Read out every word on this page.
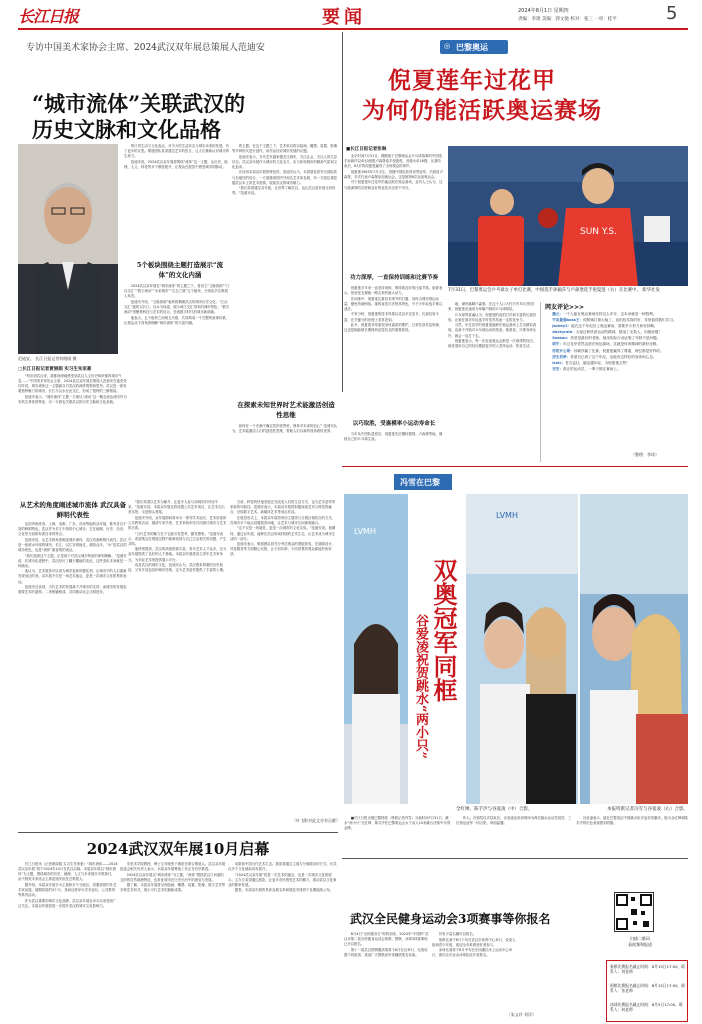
长江日报	要闻	2024年8月1日 星期四
责编：李琦 美编：郭文驰 校对：张三 一审：桂平	5
专访中国美术家协会主席、2024武汉双年展总策展人范迪安
“城市流体”关联武汉的
历史文脉和文化品格
范迪安。 长江日报记者何晓刚 摄
□长江日报记者黄丽娟 实习生朱家豪

“每次到武汉来，我都深深地感受到武汉人文历史和浓郁的城市气息……”中国美术家协会主席、2024武汉双年展总策展人范迪安在接受采访时说，城市流体这一主题源自对武汉的深度观察和思考。武汉是一座有着独特魅力的城市，长江与汉水在此交汇，形成了独特的三镇格局。

范迪安表示，“城市流体”主题一方面以“流动”这一概念表达城市作为有机生命体的特征，另一方面也关联武汉的历史文脉和文化品格。

的日常生活与文化表达，对今天的生活状态与城市未来的发展，有了更多的反思。策展团队希望通过艺术的语言，让人们重新认识城市的生命力。

范迪安说，2024武汉双年展将围绕“流体”这一主题，从历史、地理、人文、科技等多个维度展开，让观众在展览中感受城市的脉动。

5个板块围绕主题打造展示“流体”的文化内涵

2024武汉双年展在“城市流体”的主题之下，将设立“文脉探源”“江汉交汇”“数字流动”“未来城市”“生态之境”五个板块，分别由多位策展人负责。

范迪安介绍，“文脉探源”板块将梳理武汉的城市历史文化；“江汉交汇”板块以长江、汉水为线索，展示两江交汇带来的城市特色；“数字流动”则聚焦科技与艺术的结合，呈现数字时代的城市新面貌。

他表示，五个板块之间相互关联，共同构成一个完整的叙事体系，让观众从不同角度理解“城市流体”的丰富内涵。

的主题。在这个主题之下，艺术家们将以绘画、雕塑、装置、影像等多种形式进行创作，用作品回应城市发展的议题。

范迪安表示，当代艺术越来越关注城市，关注社会，关注人的生存状态。武汉双年展作为城市的文化名片，应当体现城市的精神气质和文化追求。

在谈到本届双年展的特色时，范迪安认为，本届展览将突出国际性与在地性的结合，一方面邀请国内外知名艺术家参展，另一方面注重挖掘武汉本土的艺术资源，展现武汉的城市魅力。

“我们希望通过双年展，让世界了解武汉，也让武汉更好地走向世界。”范迪安说。

在探索未知世界时艺术能激活创造性思维

如何在一个充满不确定性的世界里，保持对未来的信心？范迪安认为，艺术能激活人们的创造性思维，帮助人们以新的视角看待世界。

从艺术的角度阐述城市流体 武汉具备鲜明代表性

从国内角度讲，上海、成都、广东、济南等地的双年展，都有各自不同的鲜明特色。武汉作为长江中游的中心城市，它在地理、历史、经济、文化等方面都有着自身的特点。

范迪安说，从艺术的角度阐述城市流体，武汉具备鲜明代表性。武汉是一座被水环绕的城市，长江、汉江穿城而过，湖泊众多。“水”是武汉的城市底色，也是“流体”最直观的表达。

“我们选择这个主题，正是基于对武汉城市特质的深刻理解。”范迪安说，在城市化进程中，武汉经历了翻天覆地的变化，这些变化本身就是一种流动。

他认为，艺术展览可以成为城市更新的催化剂，让城市中的人们重新发现身边的美。双年展不仅是一场艺术盛会，更是一次城市文化的集体表达。

范迪安还谈到，当代艺术的发展离不开城市的支持，而城市的发展也需要艺术的滋养。二者相辅相成，共同推动社会文明进步。

“我们希望以艺术为媒介，让更多人参与到城市的对话中来。”范迪安说。本届双年展还将设置公共艺术项目，让艺术走出美术馆，走进街头巷尾。

范迪安介绍，双年展期间将举办一系列学术论坛、艺术讲座和公共教育活动，邀请专家学者、艺术家和市民共同探讨城市与艺术的关系。

“当代艺术的魅力在于它能引发思考，激发想象。”范迪安表示，希望观众在观展过程中能够找到与自己生活相关的话题，产生共鸣。

他特别提到，武汉的高校资源丰富，青年艺术人才众多，这为双年展提供了良好的人才基础。本届双年展将设立青年艺术家单元，为年轻艺术家提供展示平台。

谈及武汉的城市文化，范迪安认为，武汉既有厚重的历史积淀，又有开放包容的城市性格，这为艺术创作提供了丰富的土壤。

当前，科技的快速发展正在改变人们的生活方式，也为艺术创作带来新的可能性。范迪安表示，本届双年展将积极探索艺术与科技的融合，呈现数字艺术、新媒体艺术等前沿作品。

在展览形式上，本届双年展将采用主展馆与分展区相结合的方式，在城市多个地点设置展览场地，让艺术与城市空间深度融合。

“这不仅是一场展览，更是一次城市的文化实验。”范迪安说。他期待，通过双年展，能够在武汉形成持续的艺术生态，让艺术成为城市生活的一部分。

范迪安表示，策展团队将充分考虑观众的观展体验，在展陈设计、导览服务等方面精心安排，让不同年龄、不同背景的观众都能有所收获。

（叶飞影对此文亦有贡献）
◎ 巴黎奥运
倪夏莲年过花甲
为何仍能活跃奥运赛场
■长江日报记者张琳

北京时间7月31日，期期备于巴黎奥运会乒乓球赛事的中国选手孙颖莎以4比0战胜卢森堡选手倪夏莲，晋级女单16强。比赛结束后，61岁的倪夏莲赢得了全场观众的掌声。

倪夏莲1963年7月出生，曾随中国队获得世界冠军，后旅居卢森堡，多次代表卢森堡参加奥运会。这是她第6次参加奥运会。

对于倪夏莲年过花甲仍能活跃在奥运赛场，业内人士认为，这与她深厚的功底和良好的竞技状态密不可分。

功力深厚，一直保持训练和比赛节奏

倪夏莲多年来一直坚持训练，保持着良好的比赛节奏。她曾表示，热爱是支撑她一路走来的最大动力。

在训练中，倪夏莲注重技术细节的打磨，同时合理安排运动量，避免伤病困扰。她的直拍打法独具特色，令不少年轻选手难以适应。

专家分析，倪夏莲的技术风格以灵活多变见长，比赛经验丰富，在关键分的处理上非常老到。

此外，倪夏莲非常重视身体素质的维护，日常饮食作息规律，这也是她能够长期保持竞技状态的重要原因。

以巧取胜，受惠模率小运动寿命长

当年从中国队退役后，倪夏莲先后辗转德国、卢森堡等地，继续自己的乒乓球生涯。

SUN Y.S.
7月31日，巴黎奥运会乒乓球女子单打比赛，中国选手孙颖莎与卢森堡选手倪夏莲（右）在比赛中。 新华社发

地，最终落脚卢森堡。在这个人口大约只有70万的国家，倪夏莲迅速成为家喻户晓的乒乓球明星。

乒乓球界普遍认为，倪夏莲的直拍打法和丰富的比赛经验，让她在面对年轻选手时依然具备一定的竞争力。

当然，年过花甲的倪夏莲能够在奥运赛场上打出精彩表现，也离不开她对乒乓球运动的热爱。她曾说，只要身体允许，就会一直打下去。

倪夏莲表示，每一次参加奥运会都是一次难得的经历，她希望用自己的经历激励更多的人坚持运动、热爱生活。

网友评论>>>

激元：一个人能在奥运赛场坚持这么多年，这本身就是一种胜利。

宇宙最强boss王：倪阿姨打球太稳了，直拍技术真的好，非常值得我们学习。

Jackey2：能在这个年纪站上奥运赛场，需要多少努力和坚持啊。

duckyrain：大姐这种热爱运动的精神，感染了无数人，向她致敬！

Season：热爱是最好的老师，她用实际行动证明了年龄不是问题。

明宇：年过花甲依然活跃在奥运赛场，这就是体育精神的最好诠释。

你的开心果：孙颖莎赢了比赛，倪夏莲赢得了尊重，两位都是好样的。

浮生若梦：希望自己到了这个年纪，也能有这样好的身体和心态。

Icelc：老当益壮，越活越年轻，为倪夏莲点赞！

安安：真正的运动员，一辈子都在赛场上。

（整理：李琦）
冯雪在巴黎
LVMH
双奥冠军同框
谷爱凌祝贺跳水“两小只”
LVMH
全红婵、陈芋汐与谷爱凌（中）合影。	本报特派记者冯雪与谷爱凌（右）合影。

■长江日报出版巴黎特派（特派记者冯雪）当地时间7月31日，跳水“两小只”全红婵、陈芋汐在巴黎奥运会女子双人10米跳台决赛中夺得金牌。

作大。在颁奖仪式结束后，谷爱凌也来到现场为两位跳水运动员祝贺，三位奥运冠军一同合影，场面温馨。

谷爱凌表示，能在巴黎见证中国跳水队夺冠非常激动，她为全红婵和陈芋汐的出色表现感到骄傲。

2024武汉双年展10月启幕

长江日报讯（记者黄丽娟 实习生朱家豪）“城市流体——2024武汉双年展”将于2024年10月在武汉启幕。本届双年展以“城市流体”为主题，围绕城市的历史、地理、人文与未来展开多维探讨，由中国美术家协会主席范迪安担任总策展人。

据介绍，本届双年展分为主展和多个分展区，将邀请国内外艺术家参展。展期持续约3个月，其间还将举办学术论坛、公共教育等系列活动。

作为武汉重要的城市文化品牌，武汉双年展自举办以来受到广泛关注。本届双年展将进一步提升武汉的城市文化影响力。

央美术学院教授、博士生导师张子康担任联合策展人。武汉双年展组委会相关负责人表示，本届双年展筹备工作正在有序推进。

2024武汉双年展以“城市流体”为主题，“流体”既指武汉江河湖泊交织的自然地理特征，也象征城市在历史长河中的流变与发展。

据了解，本届双年展将呈现绘画、雕塑、装置、影像、数字艺术等多种艺术形式，展示当代艺术的最新成果。

成果和中国当代艺术生态。展览将通过主展与分展联动的方式，在武汉多个文化地标同步展开。

“2024武汉双年展”将是一次艺术的盛会，也是一次城市文化的展示。主办方希望通过展览，让更多市民感受艺术的魅力，推动武汉文化事业的繁荣发展。

据悉，本届双年展的具体参展名单和展览安排将于近期陆续公布。

武汉全民健身运动会3项赛事等你报名
扫描二维码
看视频和报道

8月4日“全民健身日”即将到来，2024年“中国杯”武汉市第二届全民健身运动会象棋、围棋、冰球3项赛事现已开启报名。

第十一届武汉围棋邀请赛将于8月在汉举行，比赛设置不同组别，欢迎广大围棋爱好者踊跃报名参赛。

仍有少量名额可以报名。

象棋比赛于8月下旬在武汉市体育中心举行，设成人组和青少年组，欢迎全市象棋爱好者参与。

冰球比赛将于8月中旬在东西湖区冰上运动中心举行，面向全市业余冰球队伍开放报名。

（朱文玲 刘洋）
象棋比赛报名截止时间：8月15日17:00，联系人：刘老师
围棋比赛报名截止时间：8月15日17:00，联系人：张老师
冰球比赛报名截止时间：8月5日17:00，联系人：何老师
